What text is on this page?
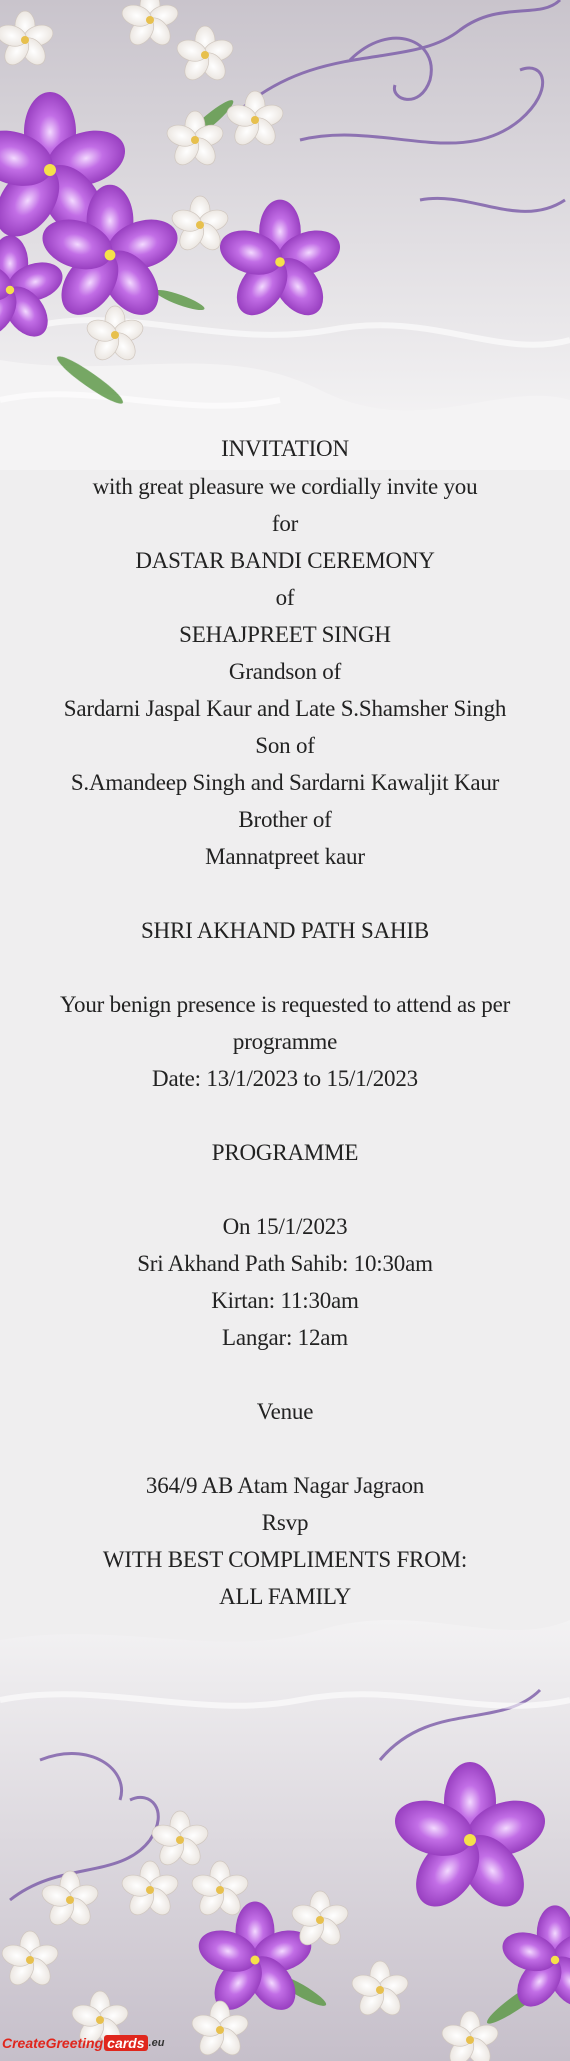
INVITATION
with great pleasure we cordially invite you
for
DASTAR BANDI CEREMONY
of
SEHAJPREET SINGH
Grandson of
Sardarni Jaspal Kaur and Late S.Shamsher Singh
Son of
S.Amandeep Singh and Sardarni Kawaljit Kaur
Brother of
Mannatpreet kaur
SHRI AKHAND PATH SAHIB
Your benign presence is requested to attend as per
programme
Date: 13/1/2023 to 15/1/2023
PROGRAMME
On 15/1/2023
Sri Akhand Path Sahib: 10:30am
Kirtan: 11:30am
Langar: 12am
Venue
364/9 AB Atam Nagar Jagraon
Rsvp
WITH BEST COMPLIMENTS FROM:
ALL FAMILY
CreateGreeting cards .eu
